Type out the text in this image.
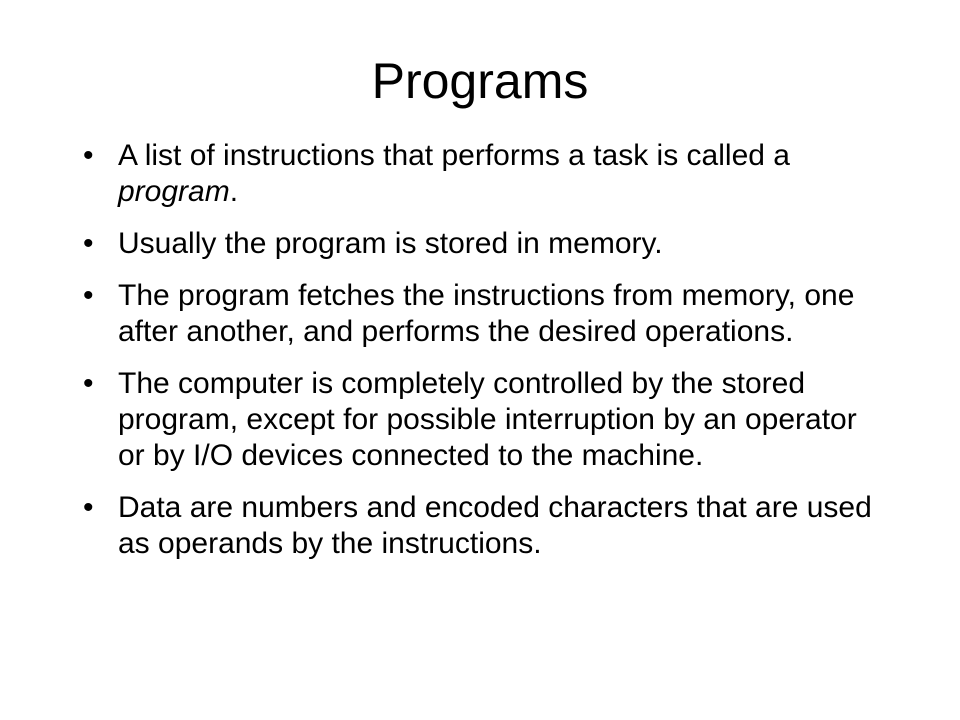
Programs
• A list of instructions that performs a task is called a program.
• Usually the program is stored in memory.
• The program fetches the instructions from memory, one after another, and performs the desired operations.
• The computer is completely controlled by the stored program, except for possible interruption by an operator or by I/O devices connected to the machine.
• Data are numbers and encoded characters that are used as operands by the instructions.
